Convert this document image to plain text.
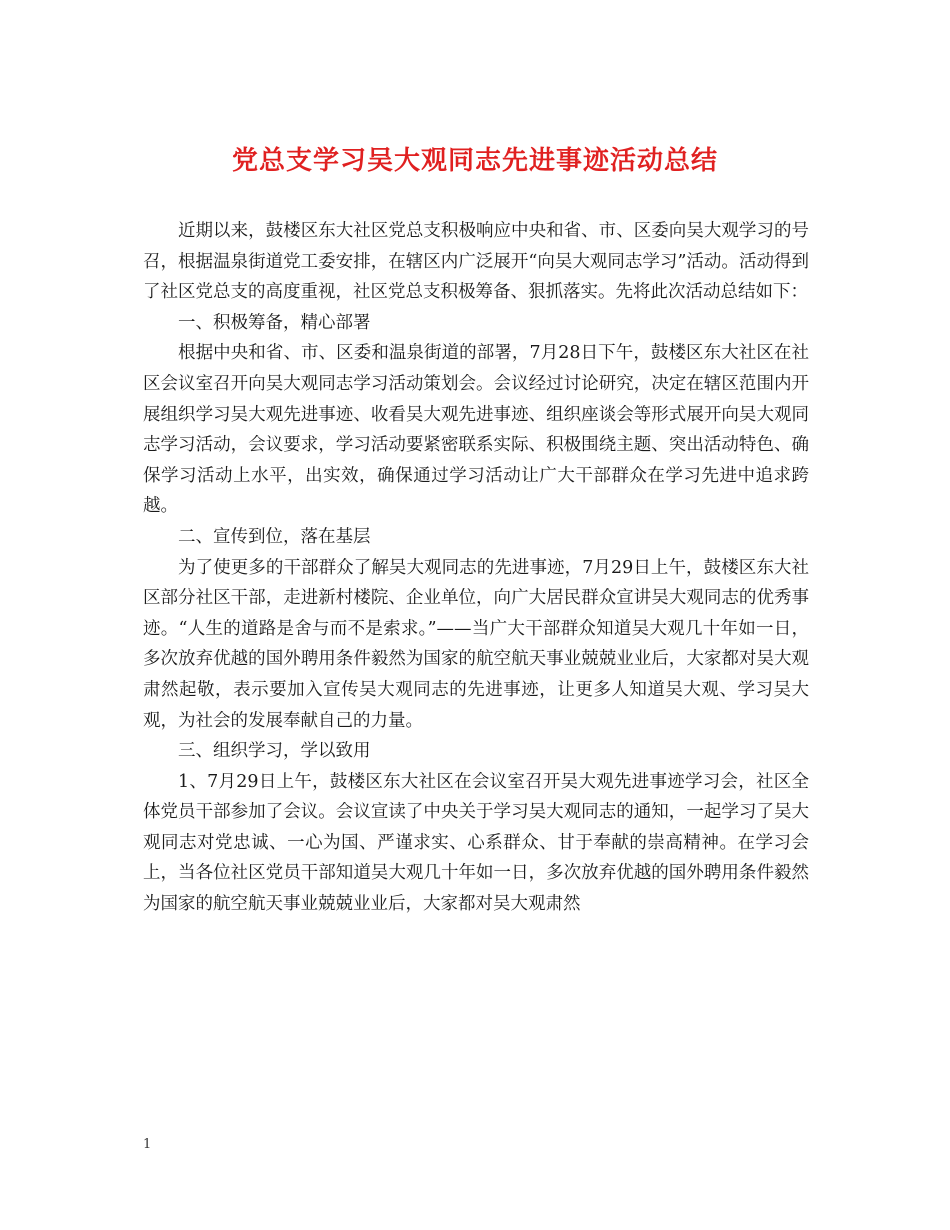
党总支学习吴大观同志先进事迹活动总结

近期以来，鼓楼区东大社区党总支积极响应中央和省、市、区委向吴大观学习的号召，根据温泉街道党工委安排，在辖区内广泛展开“向吴大观同志学习”活动。活动得到了社区党总支的高度重视，社区党总支积极筹备、狠抓落实。先将此次活动总结如下：

一、积极筹备，精心部署

根据中央和省、市、区委和温泉街道的部署，7月28日下午，鼓楼区东大社区在社区会议室召开向吴大观同志学习活动策划会。会议经过讨论研究，决定在辖区范围内开展组织学习吴大观先进事迹、收看吴大观先进事迹、组织座谈会等形式展开向吴大观同志学习活动，会议要求，学习活动要紧密联系实际、积极围绕主题、突出活动特色、确保学习活动上水平，出实效，确保通过学习活动让广大干部群众在学习先进中追求跨越。

二、宣传到位，落在基层

为了使更多的干部群众了解吴大观同志的先进事迹，7月29日上午，鼓楼区东大社区部分社区干部，走进新村楼院、企业单位，向广大居民群众宣讲吴大观同志的优秀事迹。“人生的道路是舍与而不是索求。”——当广大干部群众知道吴大观几十年如一日，多次放弃优越的国外聘用条件毅然为国家的航空航天事业兢兢业业后，大家都对吴大观肃然起敬，表示要加入宣传吴大观同志的先进事迹，让更多人知道吴大观、学习吴大观，为社会的发展奉献自己的力量。

三、组织学习，学以致用

1、7月29日上午，鼓楼区东大社区在会议室召开吴大观先进事迹学习会，社区全体党员干部参加了会议。会议宣读了中央关于学习吴大观同志的通知，一起学习了吴大观同志对党忠诚、一心为国、严谨求实、心系群众、甘于奉献的崇高精神。在学习会上，当各位社区党员干部知道吴大观几十年如一日，多次放弃优越的国外聘用条件毅然为国家的航空航天事业兢兢业业后，大家都对吴大观肃然

1
